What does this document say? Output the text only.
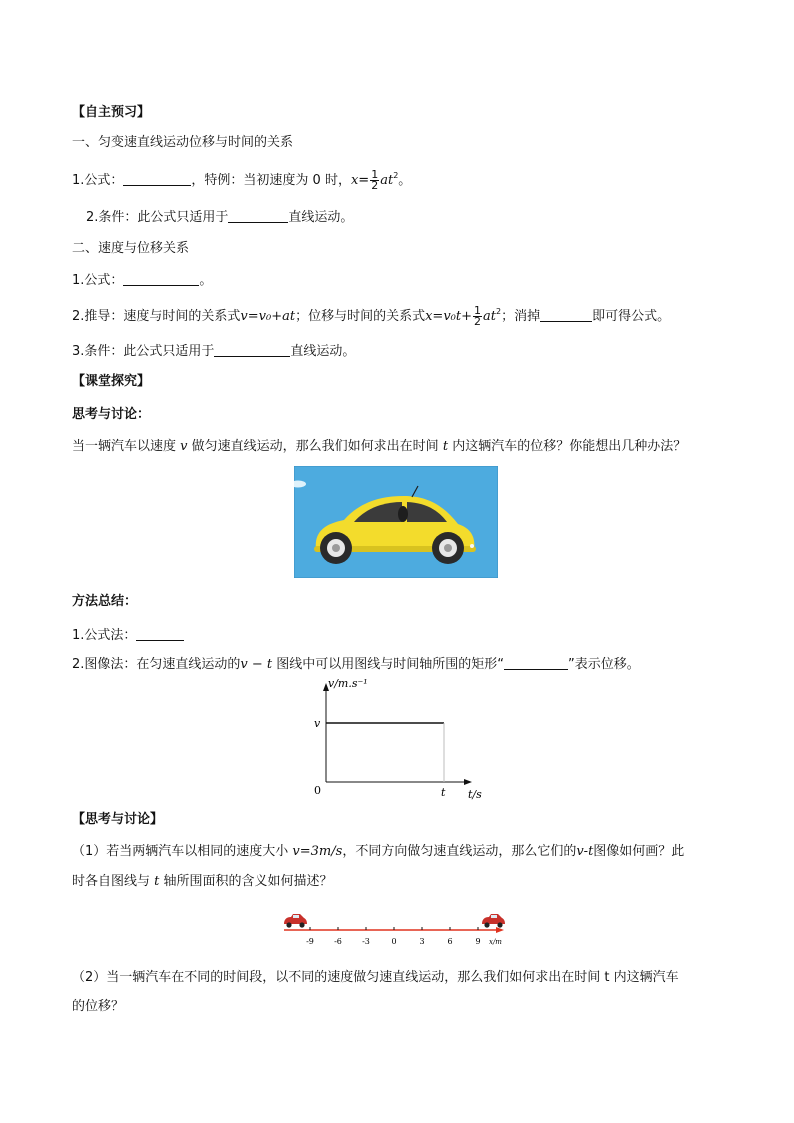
【自主预习】
一、匀变速直线运动位移与时间的关系
1.公式：	，特例：当初速度为 0 时，$x= \frac{1}{2} at^2$。
2.条件：此公式只适用于	直线运动。
二、速度与位移关系
1.公式：	。
2.推导：速度与时间的关系式v=v₀+at；位移与时间的关系式$x=v_0t+ \frac{1}{2} at^2$；消掉	即可得公式。
3.条件：此公式只适用于	直线运动。
【课堂探究】
思考与讨论：
当一辆汽车以速度 v 做匀速直线运动，那么我们如何求出在时间 t 内这辆汽车的位移？你能想出几种办法？
方法总结：
1.公式法：
2.图像法：在匀速直线运动的v − t 图线中可以用图线与时间轴所围的矩形“	”表示位移。
v/m.s⁻¹
v
0	t t/s
【思考与讨论】
（1）若当两辆汽车以相同的速度大小 v=3m/s，不同方向做匀速直线运动，那么它们的v-t图像如何画？此
时各自图线与 t 轴所围面积的含义如何描述？
-9	-6	-3	0	3	6	9 x/m
（2）当一辆汽车在不同的时间段，以不同的速度做匀速直线运动，那么我们如何求出在时间 t 内这辆汽车
的位移？
